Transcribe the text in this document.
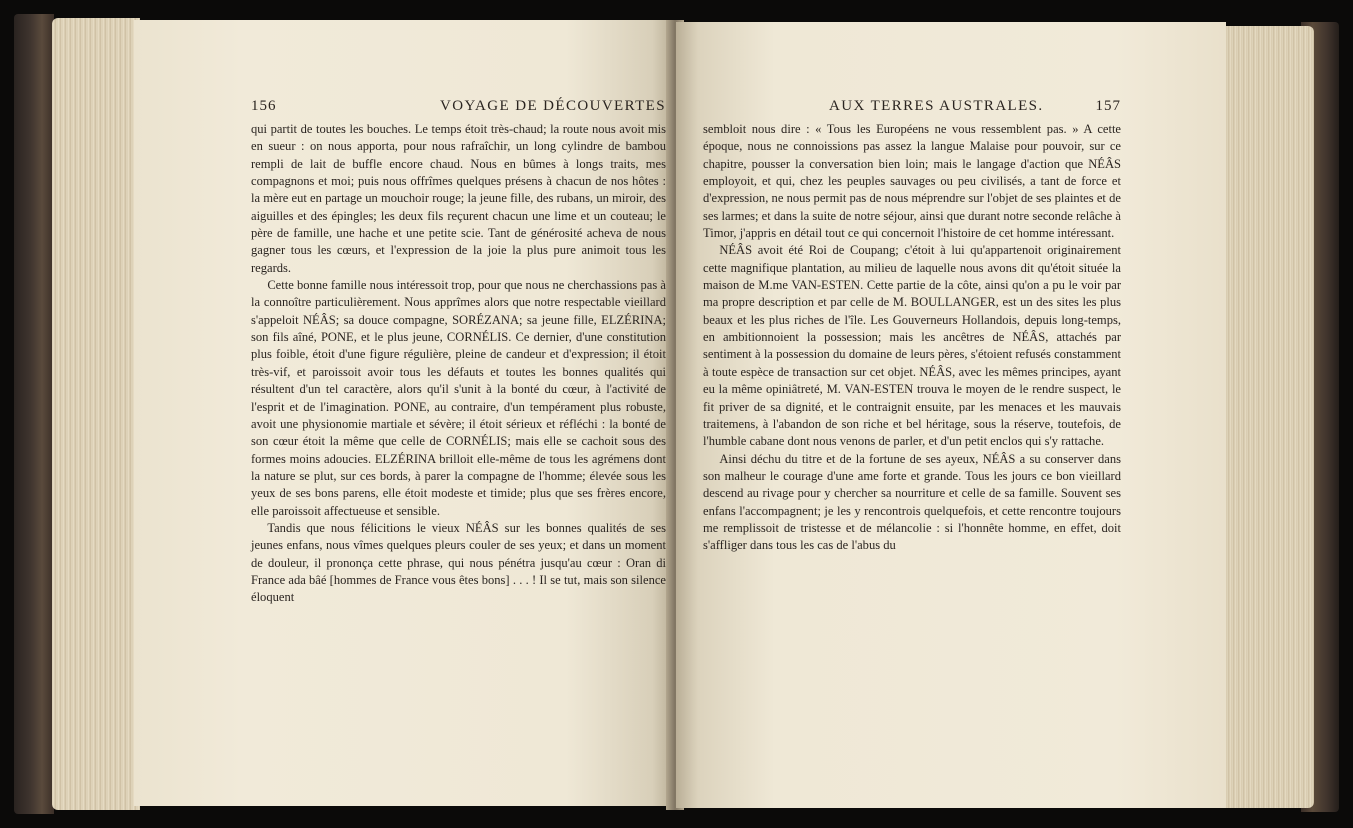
156	VOYAGE DE DÉCOUVERTES

qui partit de toutes les bouches. Le temps étoit très-chaud; la route nous avoit mis en sueur : on nous apporta, pour nous rafraîchir, un long cylindre de bambou rempli de lait de buffle encore chaud. Nous en bûmes à longs traits, mes compagnons et moi; puis nous offrîmes quelques présens à chacun de nos hôtes : la mère eut en partage un mouchoir rouge; la jeune fille, des rubans, un miroir, des aiguilles et des épingles; les deux fils reçurent chacun une lime et un couteau; le père de famille, une hache et une petite scie. Tant de générosité acheva de nous gagner tous les cœurs, et l'expression de la joie la plus pure animoit tous les regards.

Cette bonne famille nous intéressoit trop, pour que nous ne cherchassions pas à la connoître particulièrement. Nous apprîmes alors que notre respectable vieillard s'appeloit NÉÂS; sa douce compagne, SORÉZANA; sa jeune fille, ELZÉRINA; son fils aîné, PONE, et le plus jeune, CORNÉLIS. Ce dernier, d'une constitution plus foible, étoit d'une figure régulière, pleine de candeur et d'expression; il étoit très-vif, et paroissoit avoir tous les défauts et toutes les bonnes qualités qui résultent d'un tel caractère, alors qu'il s'unit à la bonté du cœur, à l'activité de l'esprit et de l'imagination. PONE, au contraire, d'un tempérament plus robuste, avoit une physionomie martiale et sévère; il étoit sérieux et réfléchi : la bonté de son cœur étoit la même que celle de CORNÉLIS; mais elle se cachoit sous des formes moins adoucies. ELZÉRINA brilloit elle-même de tous les agrémens dont la nature se plut, sur ces bords, à parer la compagne de l'homme; élevée sous les yeux de ses bons parens, elle étoit modeste et timide; plus que ses frères encore, elle paroissoit affectueuse et sensible.

Tandis que nous félicitions le vieux NÉÂS sur les bonnes qualités de ses jeunes enfans, nous vîmes quelques pleurs couler de ses yeux; et dans un moment de douleur, il prononça cette phrase, qui nous pénétra jusqu'au cœur : Oran di France ada bâé [hommes de France vous êtes bons] . . . ! Il se tut, mais son silence éloquent

AUX TERRES AUSTRALES.	157

sembloit nous dire : « Tous les Européens ne vous ressemblent pas. » A cette époque, nous ne connoissions pas assez la langue Malaise pour pouvoir, sur ce chapitre, pousser la conversation bien loin; mais le langage d'action que NÉÂS employoit, et qui, chez les peuples sauvages ou peu civilisés, a tant de force et d'expression, ne nous permit pas de nous méprendre sur l'objet de ses plaintes et de ses larmes; et dans la suite de notre séjour, ainsi que durant notre seconde relâche à Timor, j'appris en détail tout ce qui concernoit l'histoire de cet homme intéressant.

NÉÂS avoit été Roi de Coupang; c'étoit à lui qu'appartenoit originairement cette magnifique plantation, au milieu de laquelle nous avons dit qu'étoit située la maison de M.me VAN-ESTEN. Cette partie de la côte, ainsi qu'on a pu le voir par ma propre description et par celle de M. BOULLANGER, est un des sites les plus beaux et les plus riches de l'île. Les Gouverneurs Hollandois, depuis long-temps, en ambitionnoient la possession; mais les ancêtres de NÉÂS, attachés par sentiment à la possession du domaine de leurs pères, s'étoient refusés constamment à toute espèce de transaction sur cet objet. NÉÂS, avec les mêmes principes, ayant eu la même opiniâtreté, M. VAN-ESTEN trouva le moyen de le rendre suspect, le fit priver de sa dignité, et le contraignit ensuite, par les menaces et les mauvais traitemens, à l'abandon de son riche et bel héritage, sous la réserve, toutefois, de l'humble cabane dont nous venons de parler, et d'un petit enclos qui s'y rattache.

Ainsi déchu du titre et de la fortune de ses ayeux, NÉÂS a su conserver dans son malheur le courage d'une ame forte et grande. Tous les jours ce bon vieillard descend au rivage pour y chercher sa nourriture et celle de sa famille. Souvent ses enfans l'accompagnent; je les y rencontrois quelquefois, et cette rencontre toujours me remplissoit de tristesse et de mélancolie : si l'honnête homme, en effet, doit s'affliger dans tous les cas de l'abus du
